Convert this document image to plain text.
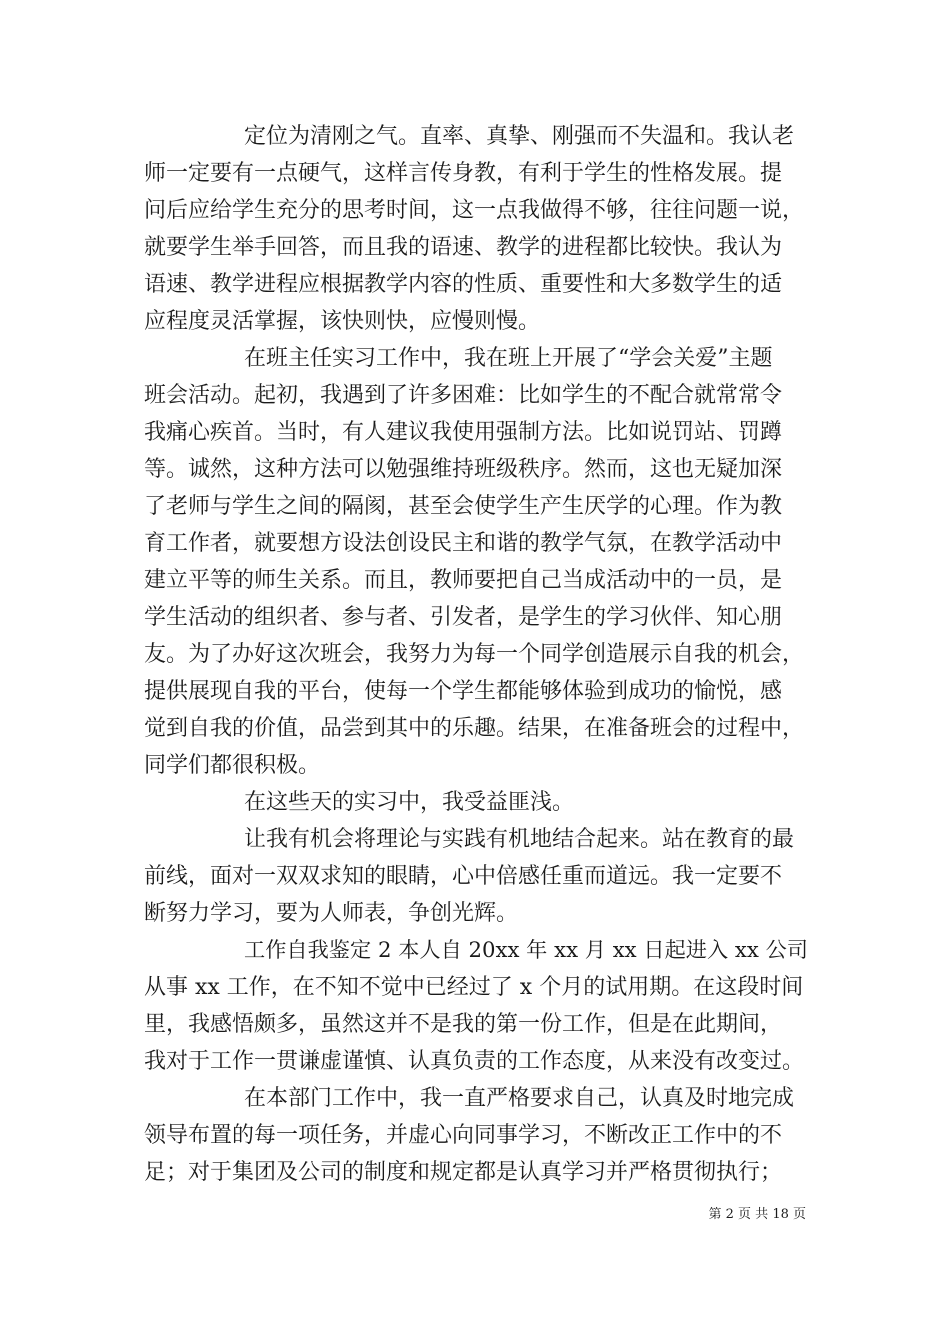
定位为清刚之气。直率、真挚、刚强而不失温和。我认老
师一定要有一点硬气，这样言传身教，有利于学生的性格发展。提
问后应给学生充分的思考时间，这一点我做得不够，往往问题一说，
就要学生举手回答，而且我的语速、教学的进程都比较快。我认为
语速、教学进程应根据教学内容的性质、重要性和大多数学生的适
应程度灵活掌握，该快则快，应慢则慢。
在班主任实习工作中，我在班上开展了“学会关爱”主题
班会活动。起初，我遇到了许多困难：比如学生的不配合就常常令
我痛心疾首。当时，有人建议我使用强制方法。比如说罚站、罚蹲
等。诚然，这种方法可以勉强维持班级秩序。然而，这也无疑加深
了老师与学生之间的隔阂，甚至会使学生产生厌学的心理。作为教
育工作者，就要想方设法创设民主和谐的教学气氛，在教学活动中
建立平等的师生关系。而且，教师要把自己当成活动中的一员，是
学生活动的组织者、参与者、引发者，是学生的学习伙伴、知心朋
友。为了办好这次班会，我努力为每一个同学创造展示自我的机会，
提供展现自我的平台，使每一个学生都能够体验到成功的愉悦，感
觉到自我的价值，品尝到其中的乐趣。结果，在准备班会的过程中，
同学们都很积极。
在这些天的实习中，我受益匪浅。
让我有机会将理论与实践有机地结合起来。站在教育的最
前线，面对一双双求知的眼睛，心中倍感任重而道远。我一定要不
断努力学习，要为人师表，争创光辉。
工作自我鉴定 2 本人自 20xx 年 xx 月 xx 日起进入 xx 公司
从事 xx 工作，在不知不觉中已经过了 x 个月的试用期。在这段时间
里，我感悟颇多，虽然这并不是我的第一份工作，但是在此期间，
我对于工作一贯谦虚谨慎、认真负责的工作态度，从来没有改变过。
在本部门工作中，我一直严格要求自己，认真及时地完成
领导布置的每一项任务，并虚心向同事学习，不断改正工作中的不
足；对于集团及公司的制度和规定都是认真学习并严格贯彻执行；
第 2 页 共 18 页
